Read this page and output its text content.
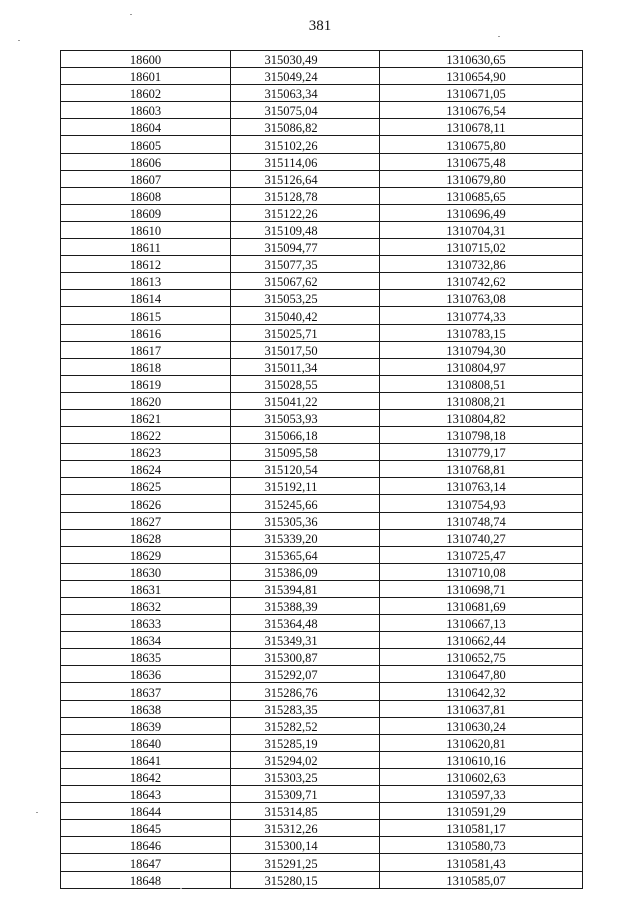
381
18600	315030,49	1310630,65
18601	315049,24	1310654,90
18602	315063,34	1310671,05
18603	315075,04	1310676,54
18604	315086,82	1310678,11
18605	315102,26	1310675,80
18606	315114,06	1310675,48
18607	315126,64	1310679,80
18608	315128,78	1310685,65
18609	315122,26	1310696,49
18610	315109,48	1310704,31
18611	315094,77	1310715,02
18612	315077,35	1310732,86
18613	315067,62	1310742,62
18614	315053,25	1310763,08
18615	315040,42	1310774,33
18616	315025,71	1310783,15
18617	315017,50	1310794,30
18618	315011,34	1310804,97
18619	315028,55	1310808,51
18620	315041,22	1310808,21
18621	315053,93	1310804,82
18622	315066,18	1310798,18
18623	315095,58	1310779,17
18624	315120,54	1310768,81
18625	315192,11	1310763,14
18626	315245,66	1310754,93
18627	315305,36	1310748,74
18628	315339,20	1310740,27
18629	315365,64	1310725,47
18630	315386,09	1310710,08
18631	315394,81	1310698,71
18632	315388,39	1310681,69
18633	315364,48	1310667,13
18634	315349,31	1310662,44
18635	315300,87	1310652,75
18636	315292,07	1310647,80
18637	315286,76	1310642,32
18638	315283,35	1310637,81
18639	315282,52	1310630,24
18640	315285,19	1310620,81
18641	315294,02	1310610,16
18642	315303,25	1310602,63
18643	315309,71	1310597,33
18644	315314,85	1310591,29
18645	315312,26	1310581,17
18646	315300,14	1310580,73
18647	315291,25	1310581,43
18648	315280,15	1310585,07
